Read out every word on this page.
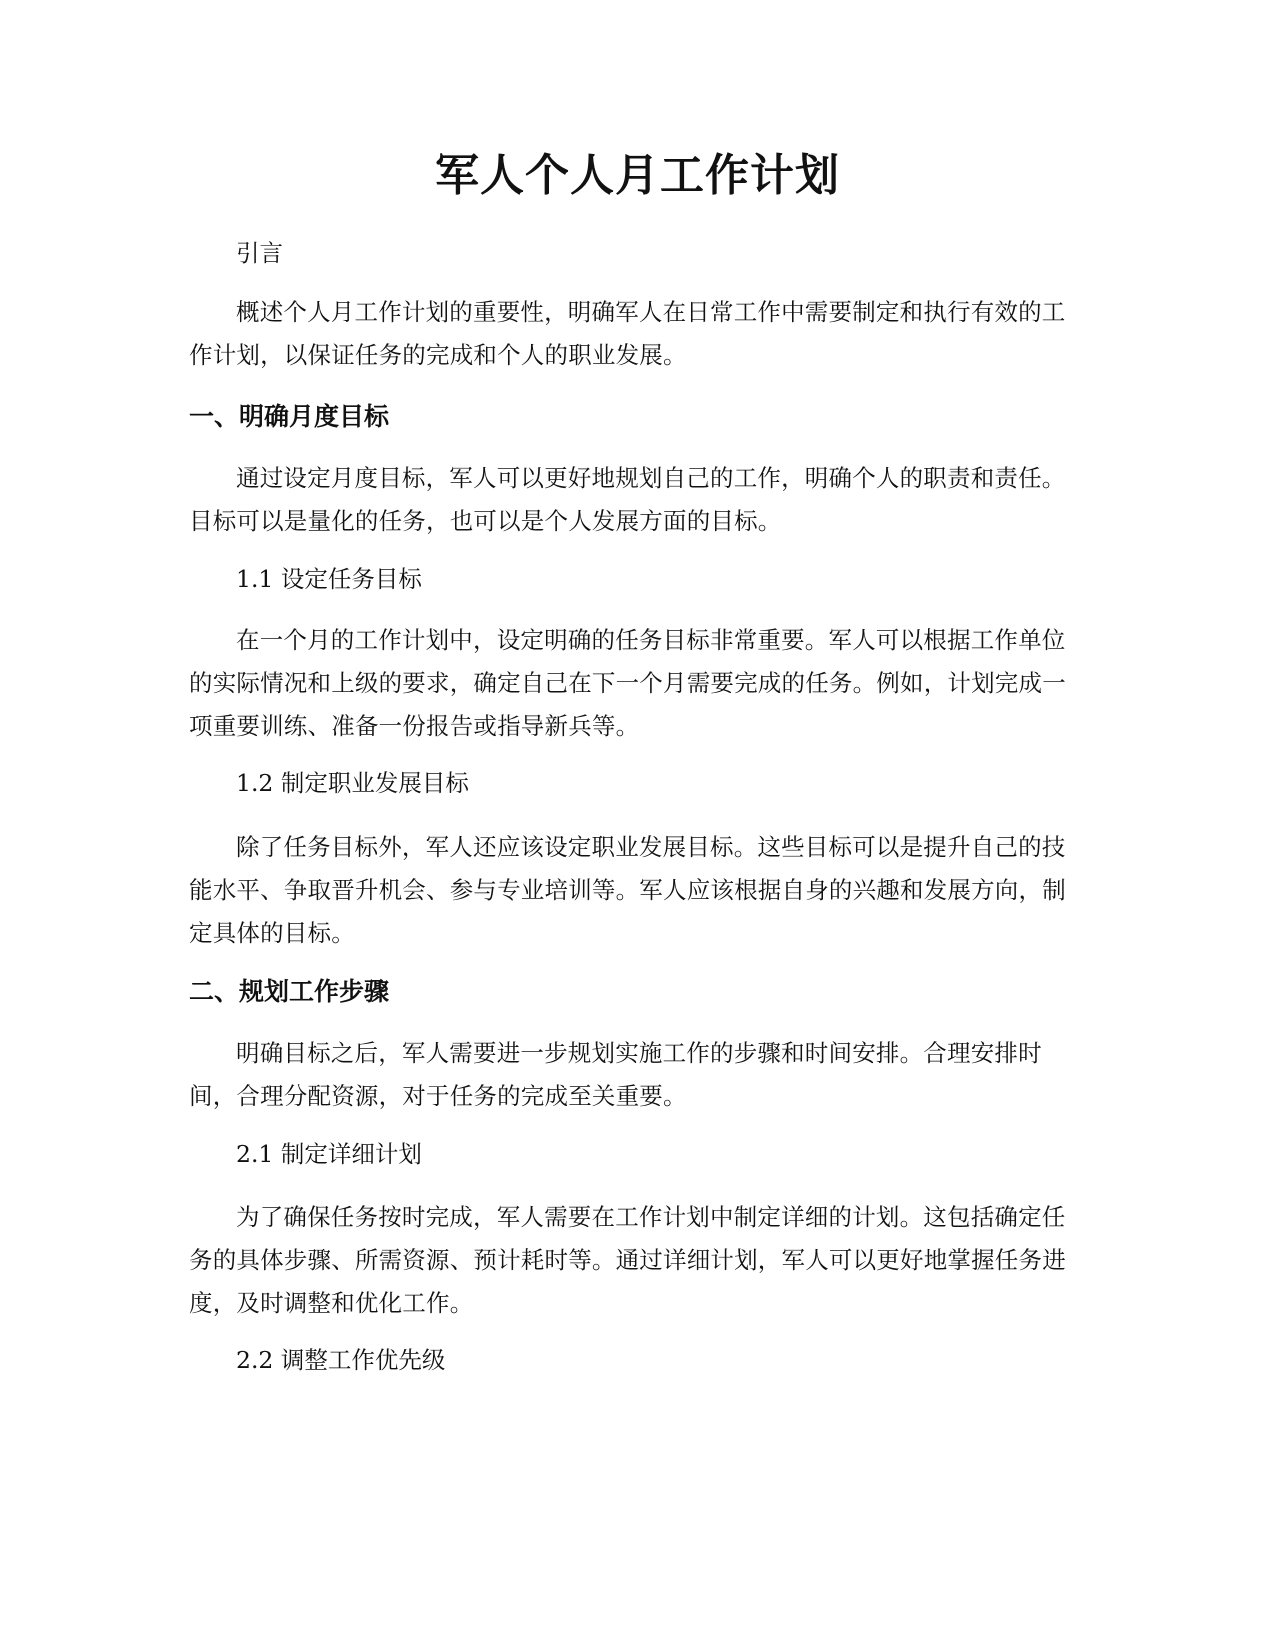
军人个人月工作计划

引言

概述个人月工作计划的重要性，明确军人在日常工作中需要制定和执行有效的工作计划，以保证任务的完成和个人的职业发展。

一、明确月度目标

通过设定月度目标，军人可以更好地规划自己的工作，明确个人的职责和责任。目标可以是量化的任务，也可以是个人发展方面的目标。

1.1 设定任务目标

在一个月的工作计划中，设定明确的任务目标非常重要。军人可以根据工作单位的实际情况和上级的要求，确定自己在下一个月需要完成的任务。例如，计划完成一项重要训练、准备一份报告或指导新兵等。

1.2 制定职业发展目标

除了任务目标外，军人还应该设定职业发展目标。这些目标可以是提升自己的技能水平、争取晋升机会、参与专业培训等。军人应该根据自身的兴趣和发展方向，制定具体的目标。

二、规划工作步骤

明确目标之后，军人需要进一步规划实施工作的步骤和时间安排。合理安排时间，合理分配资源，对于任务的完成至关重要。

2.1 制定详细计划

为了确保任务按时完成，军人需要在工作计划中制定详细的计划。这包括确定任务的具体步骤、所需资源、预计耗时等。通过详细计划，军人可以更好地掌握任务进度，及时调整和优化工作。

2.2 调整工作优先级
